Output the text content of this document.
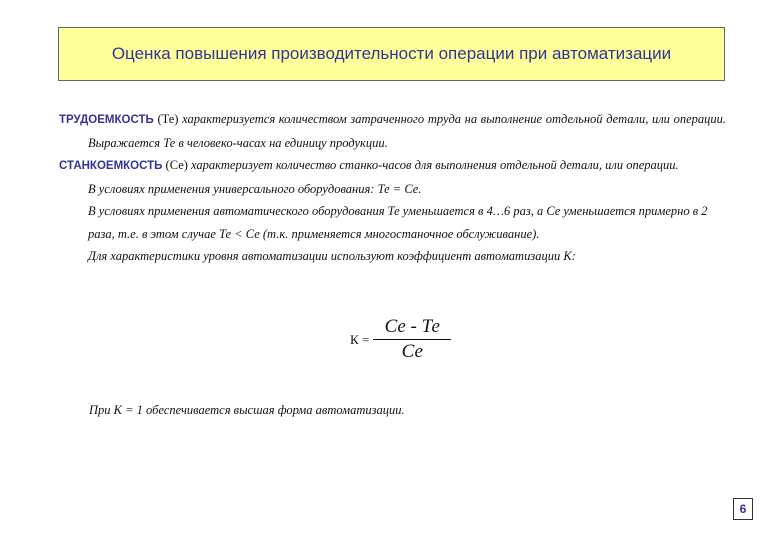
Оценка повышения производительности операции при автоматизации

ТРУДОЕМКОСТЬ (Те) характеризуется количеством затраченного труда на выполнение отдельной детали, или операции. Выражается Те в человеко-часах на единицу продукции.

СТАНКОЕМКОСТЬ (Се) характеризует количество станко-часов для выполнения отдельной детали, или операции.

В условиях применения универсального оборудования: Те = Се.

В условиях применения автоматического оборудования Те уменьшается в 4…6 раз, а Се уменьшается примерно в 2 раза, т.е. в этом случае Те < Се (т.к. применяется многостаночное обслуживание).

Для характеристики уровня автоматизации используют коэффициент автоматизации К:

$К = \frac{Се - Те}{Се}$
При К = 1 обеспечивается высшая форма автоматизации.
6
